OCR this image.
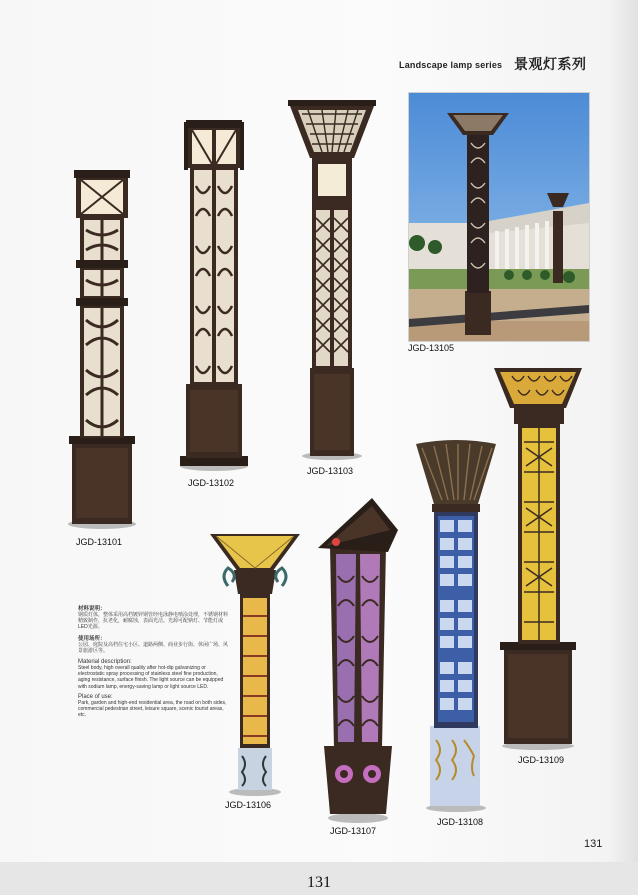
Landscape lamp series 景观灯系列
JGD-13101
JGD-13102
JGD-13103
JGD-13105
JGD-13109
JGD-13108
JGD-13107
JGD-13106
材料说明：
钢质灯体，整体采用高档镀锌钢管经电泳静电喷涂处理，不锈钢材料精致制作，抗老化，耐腐蚀，表面光洁。光源可配钠灯、节能灯或LED光源。
使用场所：
公园、庭院及高档住宅小区、道路两侧、商业步行街、休闲广场、风景旅游区等。
Material description:
Steel body, high overall quality after hot-dip galvanizing or electrostatic spray processing of stainless steel fine production, aging resistance, surface finish. The light source can be equipped with sodium lamp, energy-saving lamp or light source LED.
Place of use:
Park, garden and high-end residential area, the road on both sides, commercial pedestrian street, leisure square, scenic tourist areas, etc.
131
131
